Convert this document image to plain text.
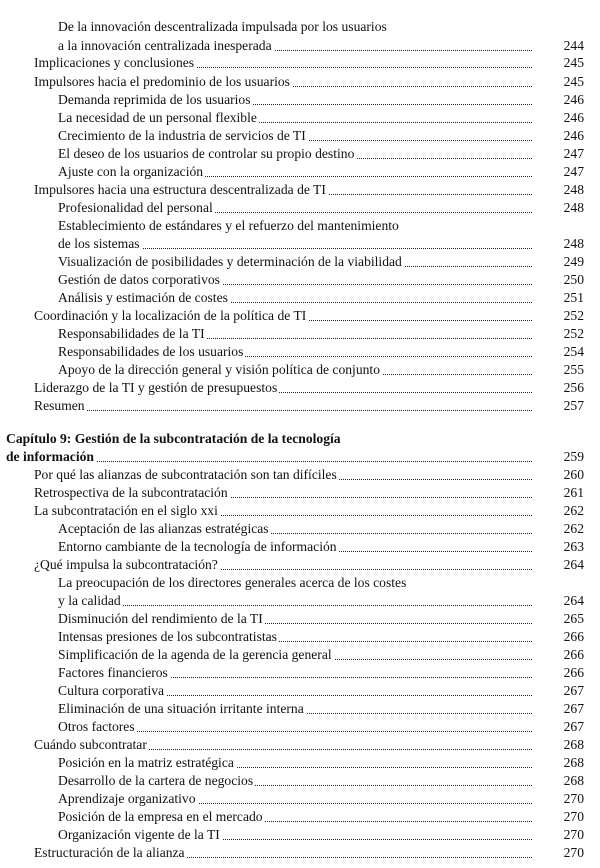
De la innovación descentralizada impulsada por los usuarios
a la innovación centralizada inesperada	244
Implicaciones y conclusiones	245
Impulsores hacia el predominio de los usuarios	245
Demanda reprimida de los usuarios	246
La necesidad de un personal flexible	246
Crecimiento de la industria de servicios de TI	246
El deseo de los usuarios de controlar su propio destino	247
Ajuste con la organización	247
Impulsores hacia una estructura descentralizada de TI	248
Profesionalidad del personal	248
Establecimiento de estándares y el refuerzo del mantenimiento
de los sistemas	248
Visualización de posibilidades y determinación de la viabilidad	249
Gestión de datos corporativos	250
Análisis y estimación de costes	251
Coordinación y la localización de la política de TI	252
Responsabilidades de la TI	252
Responsabilidades de los usuarios	254
Apoyo de la dirección general y visión política de conjunto	255
Liderazgo de la TI y gestión de presupuestos	256
Resumen	257
Capítulo 9: Gestión de la subcontratación de la tecnología
de información	259
Por qué las alianzas de subcontratación son tan difíciles	260
Retrospectiva de la subcontratación	261
La subcontratación en el siglo xxi	262
Aceptación de las alianzas estratégicas	262
Entorno cambiante de la tecnología de información	263
¿Qué impulsa la subcontratación?	264
La preocupación de los directores generales acerca de los costes
y la calidad	264
Disminución del rendimiento de la TI	265
Intensas presiones de los subcontratistas	266
Simplificación de la agenda de la gerencia general	266
Factores financieros	266
Cultura corporativa	267
Eliminación de una situación irritante interna	267
Otros factores	267
Cuándo subcontratar	268
Posición en la matriz estratégica	268
Desarrollo de la cartera de negocios	268
Aprendizaje organizativo	270
Posición de la empresa en el mercado	270
Organización vigente de la TI	270
Estructuración de la alianza	270
